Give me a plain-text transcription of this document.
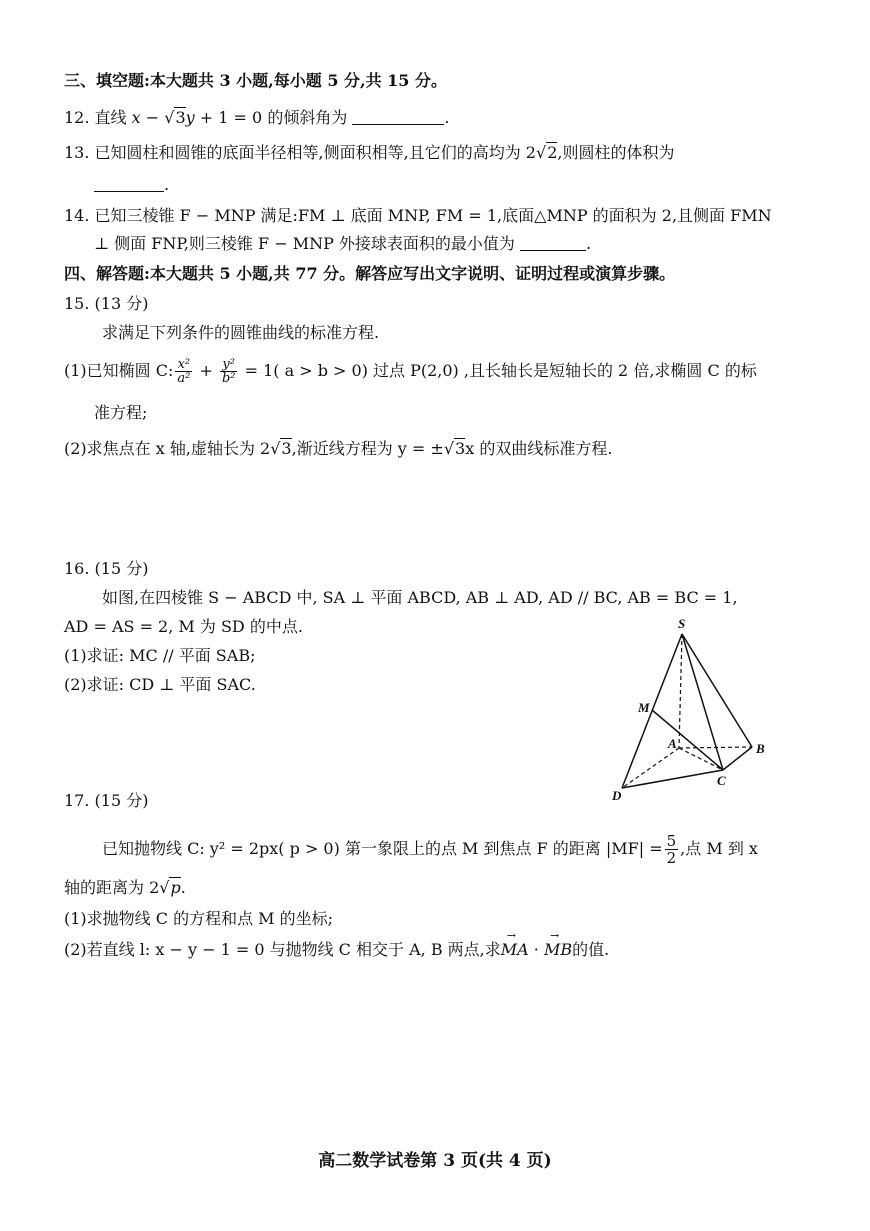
三、填空题:本大题共 3 小题,每小题 5 分,共 15 分。
12. 直线 x − √3y + 1 = 0 的倾斜角为	.
13. 已知圆柱和圆锥的底面半径相等,侧面积相等,且它们的高均为 2√2,则圆柱的体积为
.
14. 已知三棱锥 F − MNP 满足:FM ⊥ 底面 MNP, FM = 1,底面△MNP 的面积为 2,且侧面 FMN
⊥ 侧面 FNP,则三棱锥 F − MNP 外接球表面积的最小值为	.
四、解答题:本大题共 5 小题,共 77 分。解答应写出文字说明、证明过程或演算步骤。
15. (13 分)
求满足下列条件的圆锥曲线的标准方程.
(1)已知椭圆 C: $\frac{\text{x²}}{\text{a²}} + \frac{\text{y²}}{\text{b²}} = 1$( a > b > 0) 过点 P(2,0) ,且长轴长是短轴长的 2 倍,求椭圆 C 的标
准方程;
(2)求焦点在 x 轴,虚轴长为 2√3,渐近线方程为 y = ±√3x 的双曲线标准方程.
16. (15 分)
如图,在四棱锥 S − ABCD 中, SA ⊥ 平面 ABCD, AB ⊥ AD, AD // BC, AB = BC = 1,
AD = AS = 2, M 为 SD 的中点.
(1)求证: MC // 平面 SAB;
(2)求证: CD ⊥ 平面 SAC.
S
M
A	B
C
D
17. (15 分)
已知抛物线 C: y² = 2px( p > 0) 第一象限上的点 M 到焦点 F 的距离 $|MF| = \frac{5}{2}$ ,点 M 到 x
轴的距离为 2√p.
(1)求抛物线 C 的方程和点 M 的坐标;
(2)若直线 l: x − y − 1 = 0 与抛物线 C 相交于 A, B 两点,求→ MA · → MB的值.
高二数学试卷第 3 页(共 4 页)
